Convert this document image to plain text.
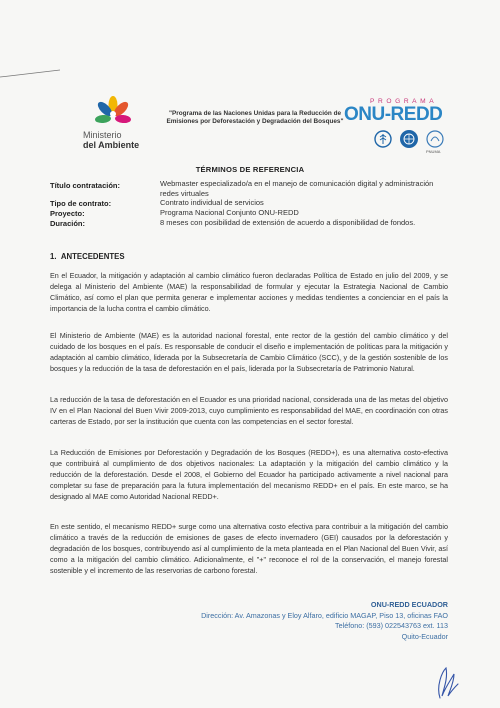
Ministerio
del Ambiente
"Programa de las Naciones Unidas para la Reducción de Emisiones por Deforestación y Degradación del Bosques"
PROGRAMA
ONU-REDD
PNUMA
TÉRMINOS DE REFERENCIA
Título contratación:	Webmaster especializado/a en el manejo de comunicación digital y administración redes virtuales
Tipo de contrato:	Contrato individual de servicios
Proyecto:	Programa Nacional Conjunto ONU-REDD
Duración:	8 meses con posibilidad de extensión de acuerdo a disponibilidad de fondos.
1. ANTECEDENTES
En el Ecuador, la mitigación y adaptación al cambio climático fueron declaradas Política de Estado en julio del 2009, y se delega al Ministerio del Ambiente (MAE) la responsabilidad de formular y ejecutar la Estrategia Nacional de Cambio Climático, así como el plan que permita generar e implementar acciones y medidas tendientes a concienciar en el país la importancia de la lucha contra el cambio climático.
El Ministerio de Ambiente (MAE) es la autoridad nacional forestal, ente rector de la gestión del cambio climático y del cuidado de los bosques en el país. Es responsable de conducir el diseño e implementación de políticas para la mitigación y adaptación al cambio climático, liderada por la Subsecretaría de Cambio Climático (SCC), y de la gestión sostenible de los bosques y la reducción de la tasa de deforestación en el país, liderada por la Subsecretaría de Patrimonio Natural.
La reducción de la tasa de deforestación en el Ecuador es una prioridad nacional, considerada una de las metas del objetivo IV en el Plan Nacional del Buen Vivir 2009-2013, cuyo cumplimiento es responsabilidad del MAE, en coordinación con otras carteras de Estado, por ser la institución que cuenta con las competencias en el sector forestal.
La Reducción de Emisiones por Deforestación y Degradación de los Bosques (REDD+), es una alternativa costo-efectiva que contribuirá al cumplimiento de dos objetivos nacionales: La adaptación y la mitigación del cambio climático y la reducción de la deforestación. Desde el 2008, el Gobierno del Ecuador ha participado activamente a nivel nacional para completar su fase de preparación para la futura implementación del mecanismo REDD+ en el país. En este marco, se ha designado al MAE como Autoridad Nacional REDD+.
En este sentido, el mecanismo REDD+ surge como una alternativa costo efectiva para contribuir a la mitigación del cambio climático a través de la reducción de emisiones de gases de efecto invernadero (GEI) causados por la deforestación y degradación de los bosques, contribuyendo así al cumplimiento de la meta planteada en el Plan Nacional del Buen Vivir, así como a la mitigación del cambio climático. Adicionalmente, el "+" reconoce el rol de la conservación, el manejo forestal sostenible y el incremento de las reservorias de carbono forestal.
ONU-REDD ECUADOR
Dirección: Av. Amazonas y Eloy Alfaro, edificio MAGAP, Piso 13, oficinas FAO
Teléfono: (593) 022543763 ext. 113
Quito-Ecuador
